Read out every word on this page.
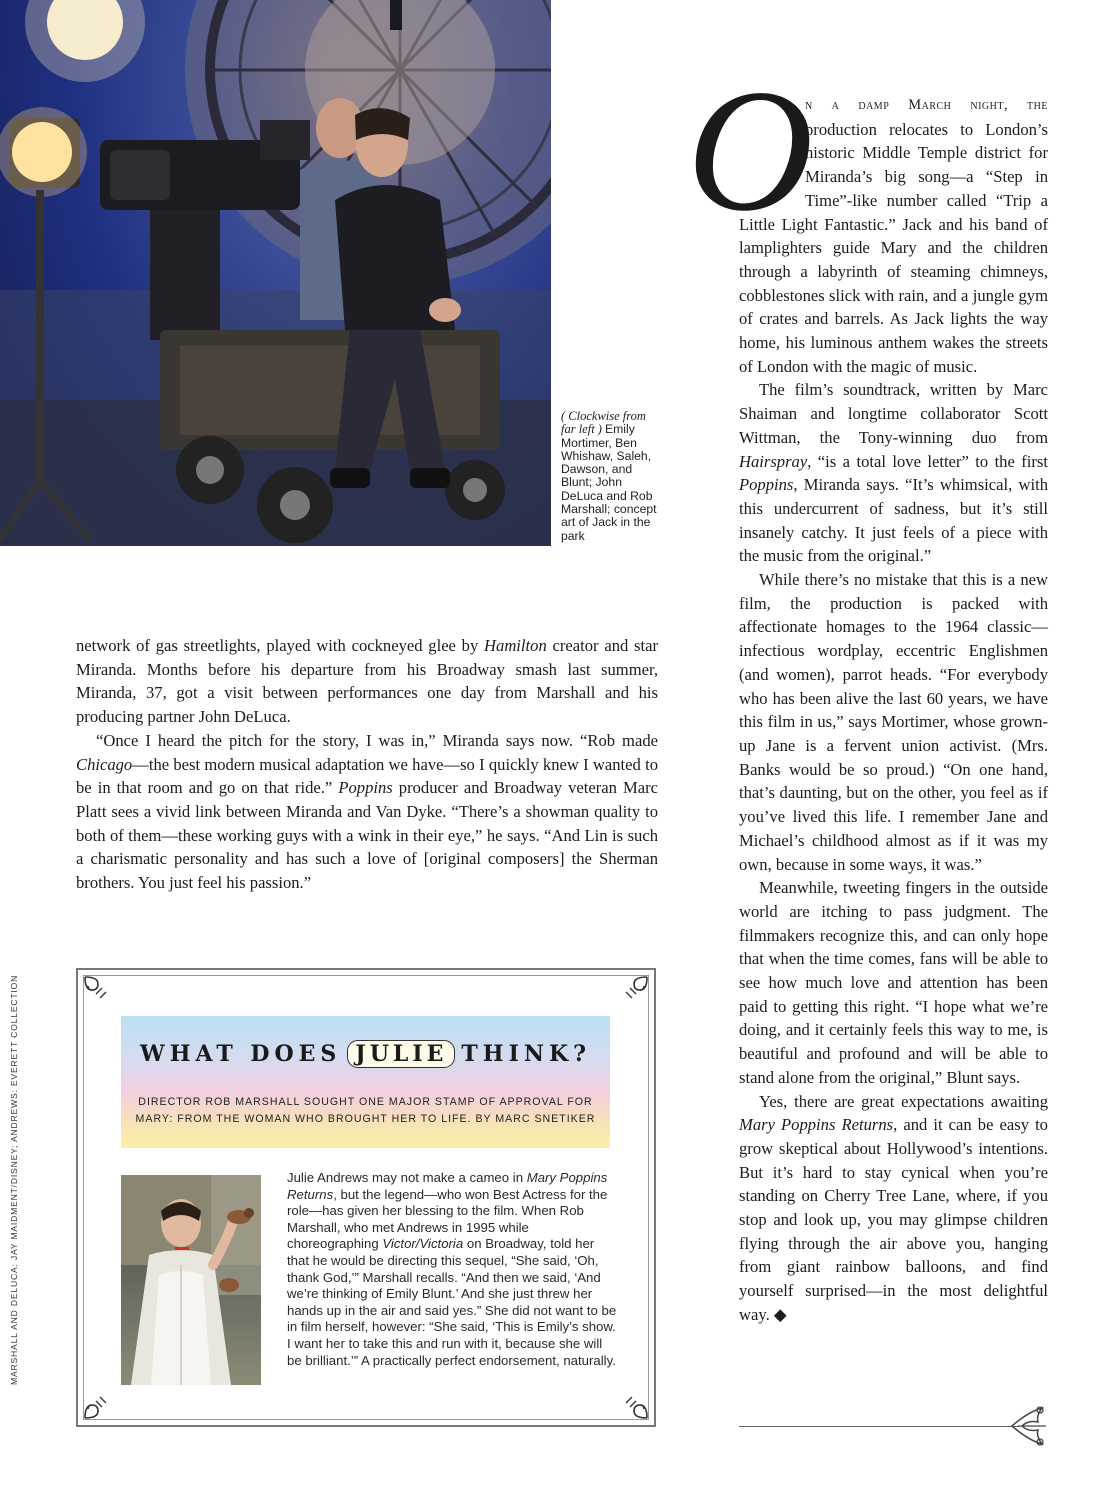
( Clockwise from far left ) Emily Mortimer, Ben Whishaw, Saleh, Dawson, and Blunt; John DeLuca and Rob Marshall; concept art of Jack in the park

network of gas streetlights, played with cockneyed glee by Hamilton creator and star Miranda. Months before his departure from his Broadway smash last summer, Miranda, 37, got a visit between performances one day from Marshall and his producing partner John DeLuca.

“Once I heard the pitch for the story, I was in,” Miranda says now. “Rob made Chicago—the best modern musical adaptation we have—so I quickly knew I wanted to be in that room and go on that ride.” Poppins producer and Broadway veteran Marc Platt sees a vivid link between Miranda and Van Dyke. “There’s a showman quality to both of them—these working guys with a wink in their eye,” he says. “And Lin is such a charismatic personality and has such a love of [original composers] the Sherman brothers. You just feel his passion.”

WHAT DOES JULIE THINK?
DIRECTOR ROB MARSHALL SOUGHT ONE MAJOR STAMP OF APPROVAL FOR MARY: FROM THE WOMAN WHO BROUGHT HER TO LIFE. BY MARC SNETIKER
Julie Andrews may not make a cameo in Mary Poppins Returns, but the legend—who won Best Actress for the role—has given her blessing to the film. When Rob Marshall, who met Andrews in 1995 while choreographing Victor/Victoria on Broadway, told her that he would be directing this sequel, “She said, ‘Oh, thank God,’” Marshall recalls. “And then we said, ‘And we’re thinking of Emily Blunt.’ And she just threw her hands up in the air and said yes.” She did not want to be in film herself, however: “She said, ‘This is Emily’s show. I want her to take this and run with it, because she will be brilliant.’” A practically perfect endorsement, naturally.
O

n a damp March night, the production relocates to London’s historic Middle Temple district for Miranda’s big song—a “Step in Time”-like number called “Trip a Little Light Fantastic.” Jack and his band of lamplighters guide Mary and the children through a labyrinth of steaming chimneys, cobblestones slick with rain, and a jungle gym of crates and barrels. As Jack lights the way home, his luminous anthem wakes the streets of London with the magic of music.

The film’s soundtrack, written by Marc Shaiman and longtime collaborator Scott Wittman, the Tony-winning duo from Hairspray, “is a total love letter” to the first Poppins, Miranda says. “It’s whimsical, with this undercurrent of sadness, but it’s still insanely catchy. It just feels of a piece with the music from the original.”

While there’s no mistake that this is a new film, the production is packed with affectionate homages to the 1964 classic—infectious wordplay, eccentric Englishmen (and women), parrot heads. “For everybody who has been alive the last 60 years, we have this film in us,” says Mortimer, whose grown-up Jane is a fervent union activist. (Mrs. Banks would be so proud.) “On one hand, that’s daunting, but on the other, you feel as if you’ve lived this life. I remember Jane and Michael’s childhood almost as if it was my own, because in some ways, it was.”

Meanwhile, tweeting fingers in the outside world are itching to pass judgment. The filmmakers recognize this, and can only hope that when the time comes, fans will be able to see how much love and attention has been paid to getting this right. “I hope what we’re doing, and it certainly feels this way to me, is beautiful and profound and will be able to stand alone from the original,” Blunt says.

Yes, there are great expectations awaiting Mary Poppins Returns, and it can be easy to grow skeptical about Hollywood’s intentions. But it’s hard to stay cynical when you’re standing on Cherry Tree Lane, where, if you stop and look up, you may glimpse children flying through the air above you, hanging from giant rainbow balloons, and find yourself surprised—in the most delightful way. ◆

MARSHALL AND DELUCA: JAY MAIDMENT/DISNEY; ANDREWS: EVERETT COLLECTION
